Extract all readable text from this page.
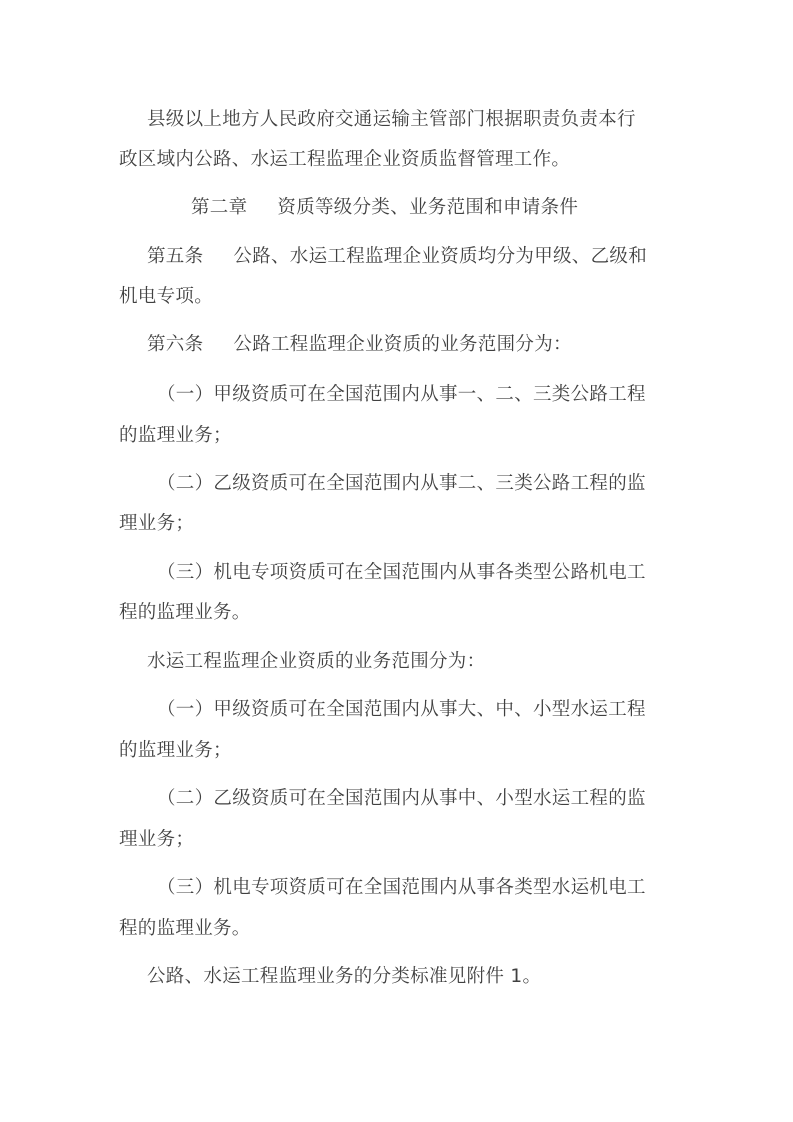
县级以上地方人民政府交通运输主管部门根据职责负责本行
政区域内公路、水运工程监理企业资质监督管理工作。
第二章 资质等级分类、业务范围和申请条件
第五条 公路、水运工程监理企业资质均分为甲级、乙级和
机电专项。
第六条 公路工程监理企业资质的业务范围分为：
（一）甲级资质可在全国范围内从事一、二、三类公路工程
的监理业务；
（二）乙级资质可在全国范围内从事二、三类公路工程的监
理业务；
（三）机电专项资质可在全国范围内从事各类型公路机电工
程的监理业务。
水运工程监理企业资质的业务范围分为：
（一）甲级资质可在全国范围内从事大、中、小型水运工程
的监理业务；
（二）乙级资质可在全国范围内从事中、小型水运工程的监
理业务；
（三）机电专项资质可在全国范围内从事各类型水运机电工
程的监理业务。
公路、水运工程监理业务的分类标准见附件 1。
